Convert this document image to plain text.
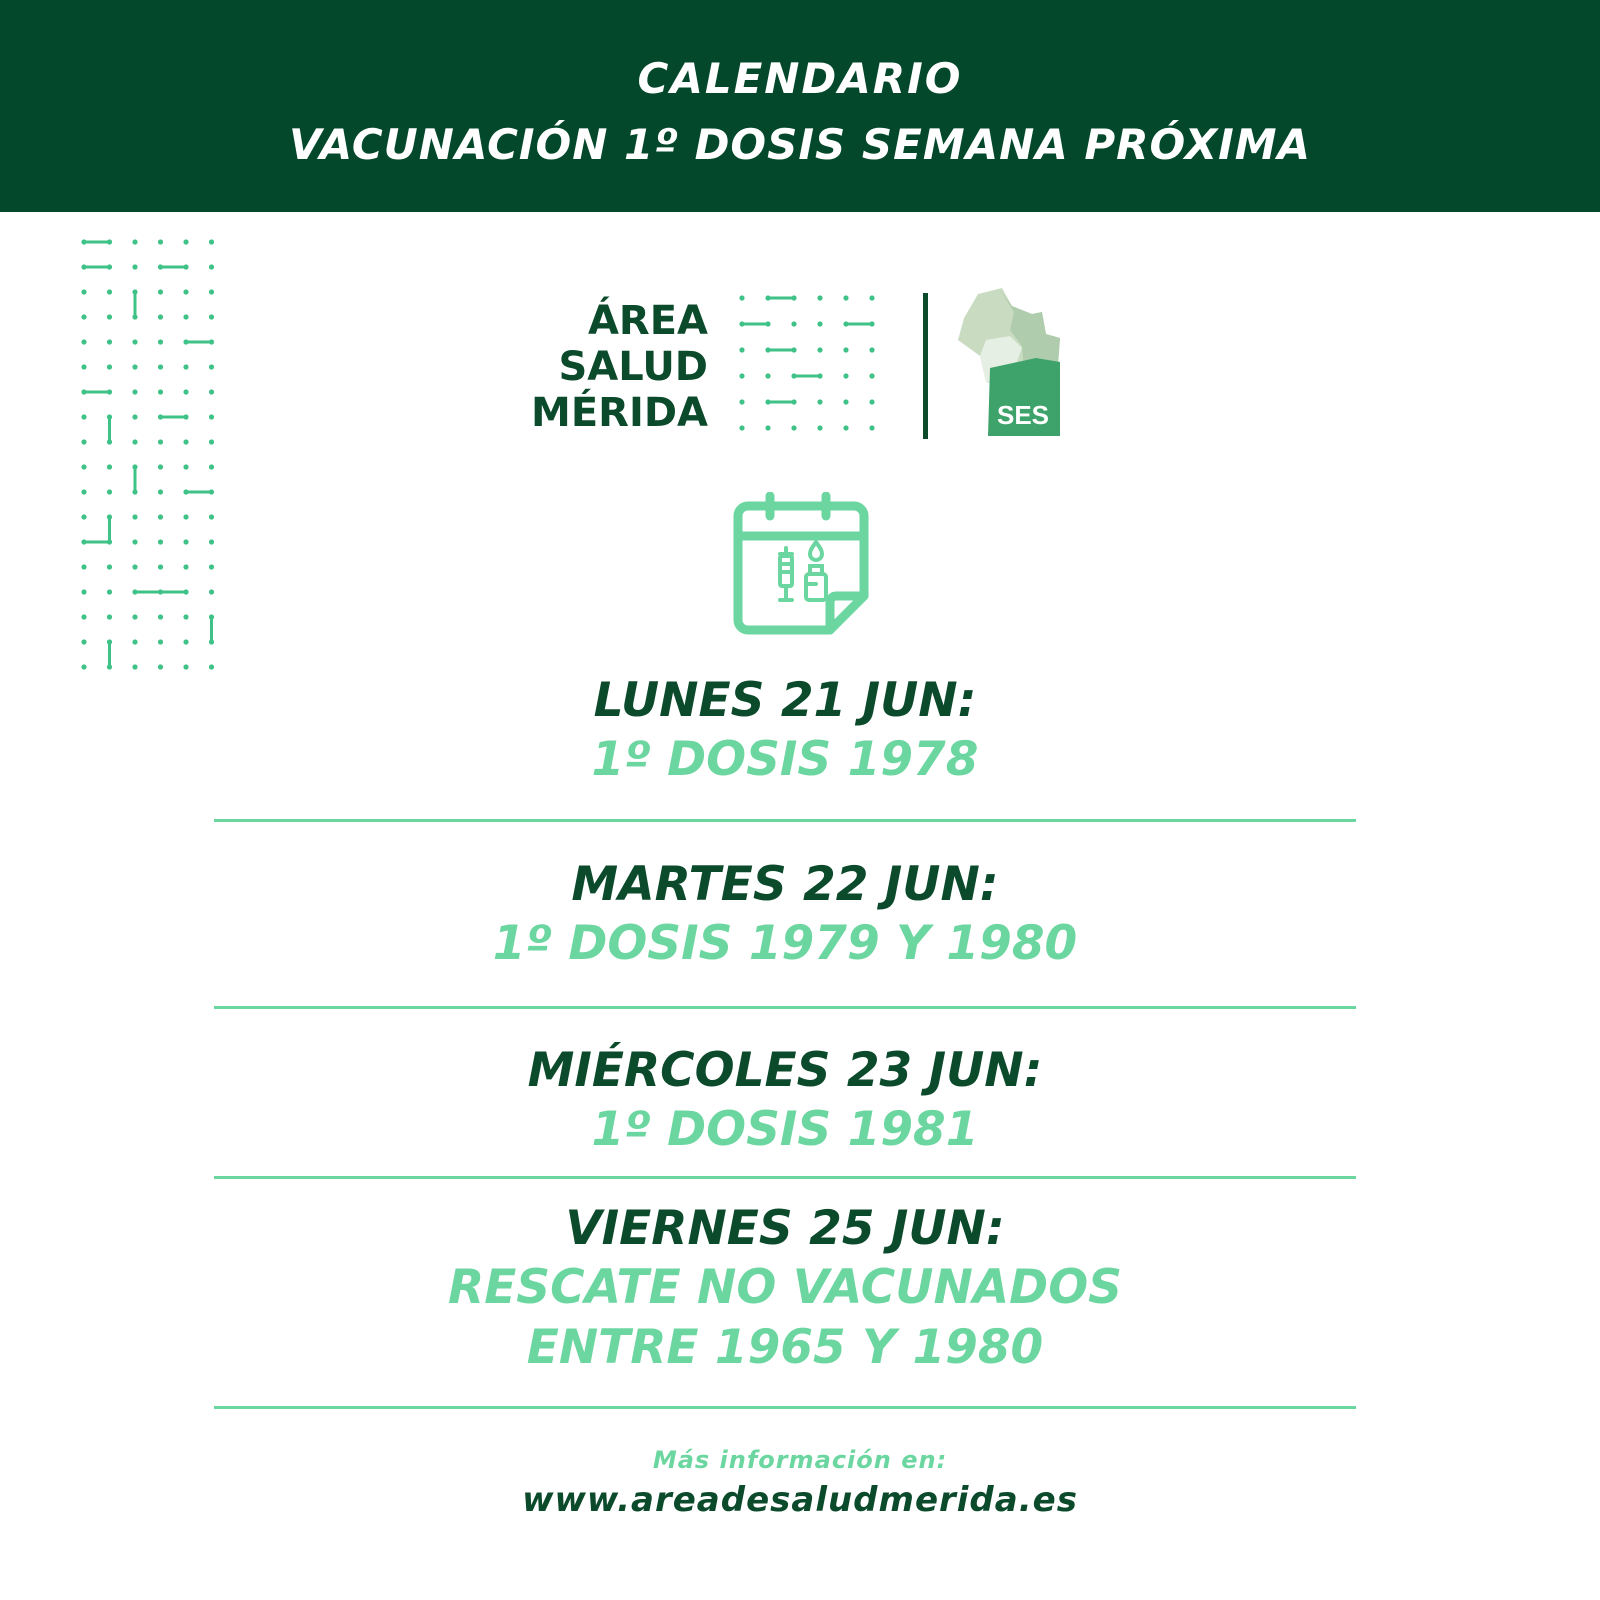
CALENDARIO
VACUNACIÓN 1º DOSIS SEMANA PRÓXIMA
ÁREA
SALUD
MÉRIDA	SES
LUNES 21 JUN:
1º DOSIS 1978
MARTES 22 JUN:
1º DOSIS 1979 Y 1980
MIÉRCOLES 23 JUN:
1º DOSIS 1981
VIERNES 25 JUN:
RESCATE NO VACUNADOS
ENTRE 1965 Y 1980
Más información en:
www.areadesaludmerida.es
